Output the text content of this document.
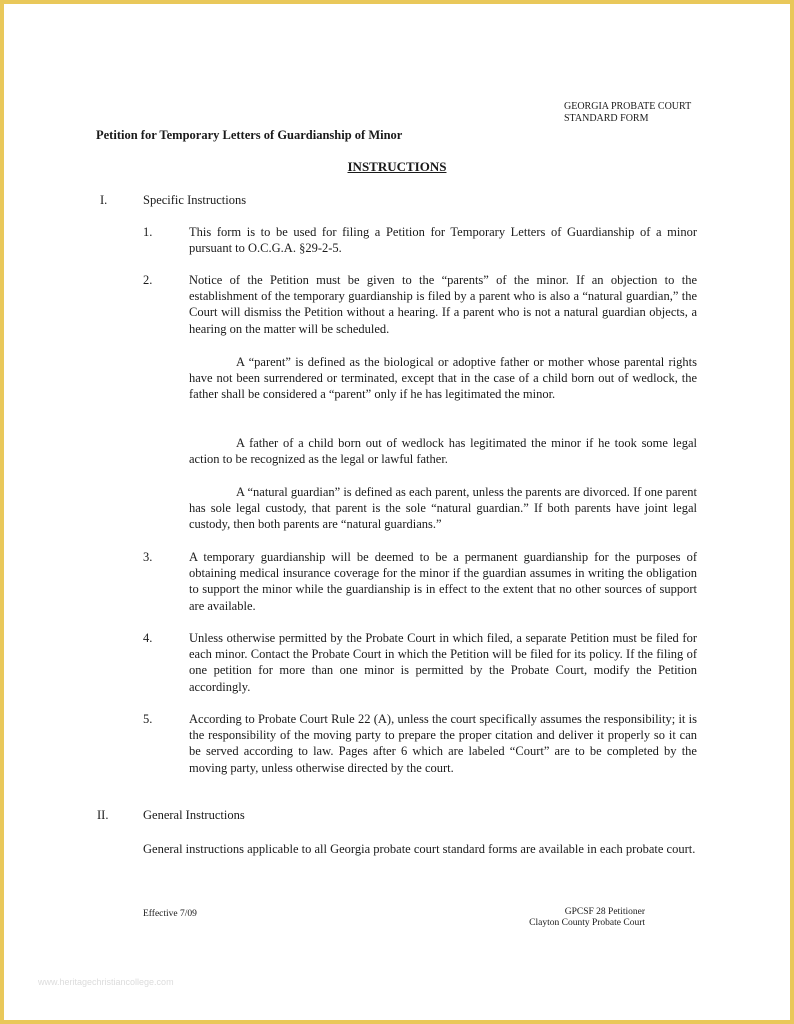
GEORGIA PROBATE COURT
STANDARD FORM
Petition for Temporary Letters of Guardianship of Minor
INSTRUCTIONS
I.	Specific Instructions
1.	This form is to be used for filing a Petition for Temporary Letters of Guardianship of a minor pursuant to O.C.G.A. §29-2-5.
2.	Notice of the Petition must be given to the “parents” of the minor. If an objection to the establishment of the temporary guardianship is filed by a parent who is also a “natural guardian,” the Court will dismiss the Petition without a hearing. If a parent who is not a natural guardian objects, a hearing on the matter will be scheduled.
A “parent” is defined as the biological or adoptive father or mother whose parental rights have not been surrendered or terminated, except that in the case of a child born out of wedlock, the father shall be considered a “parent” only if he has legitimated the minor.
A father of a child born out of wedlock has legitimated the minor if he took some legal action to be recognized as the legal or lawful father.
A “natural guardian” is defined as each parent, unless the parents are divorced. If one parent has sole legal custody, that parent is the sole “natural guardian.” If both parents have joint legal custody, then both parents are “natural guardians.”
3.	A temporary guardianship will be deemed to be a permanent guardianship for the purposes of obtaining medical insurance coverage for the minor if the guardian assumes in writing the obligation to support the minor while the guardianship is in effect to the extent that no other sources of support are available.
4.	Unless otherwise permitted by the Probate Court in which filed, a separate Petition must be filed for each minor. Contact the Probate Court in which the Petition will be filed for its policy. If the filing of one petition for more than one minor is permitted by the Probate Court, modify the Petition accordingly.
5.	According to Probate Court Rule 22 (A), unless the court specifically assumes the responsibility; it is the responsibility of the moving party to prepare the proper citation and deliver it properly so it can be served according to law. Pages after 6 which are labeled “Court” are to be completed by the moving party, unless otherwise directed by the court.
II.	General Instructions
General instructions applicable to all Georgia probate court standard forms are available in each probate court.
Effective 7/09	GPCSF 28 Petitioner
Clayton County Probate Court
www.heritagechristiancollege.com
